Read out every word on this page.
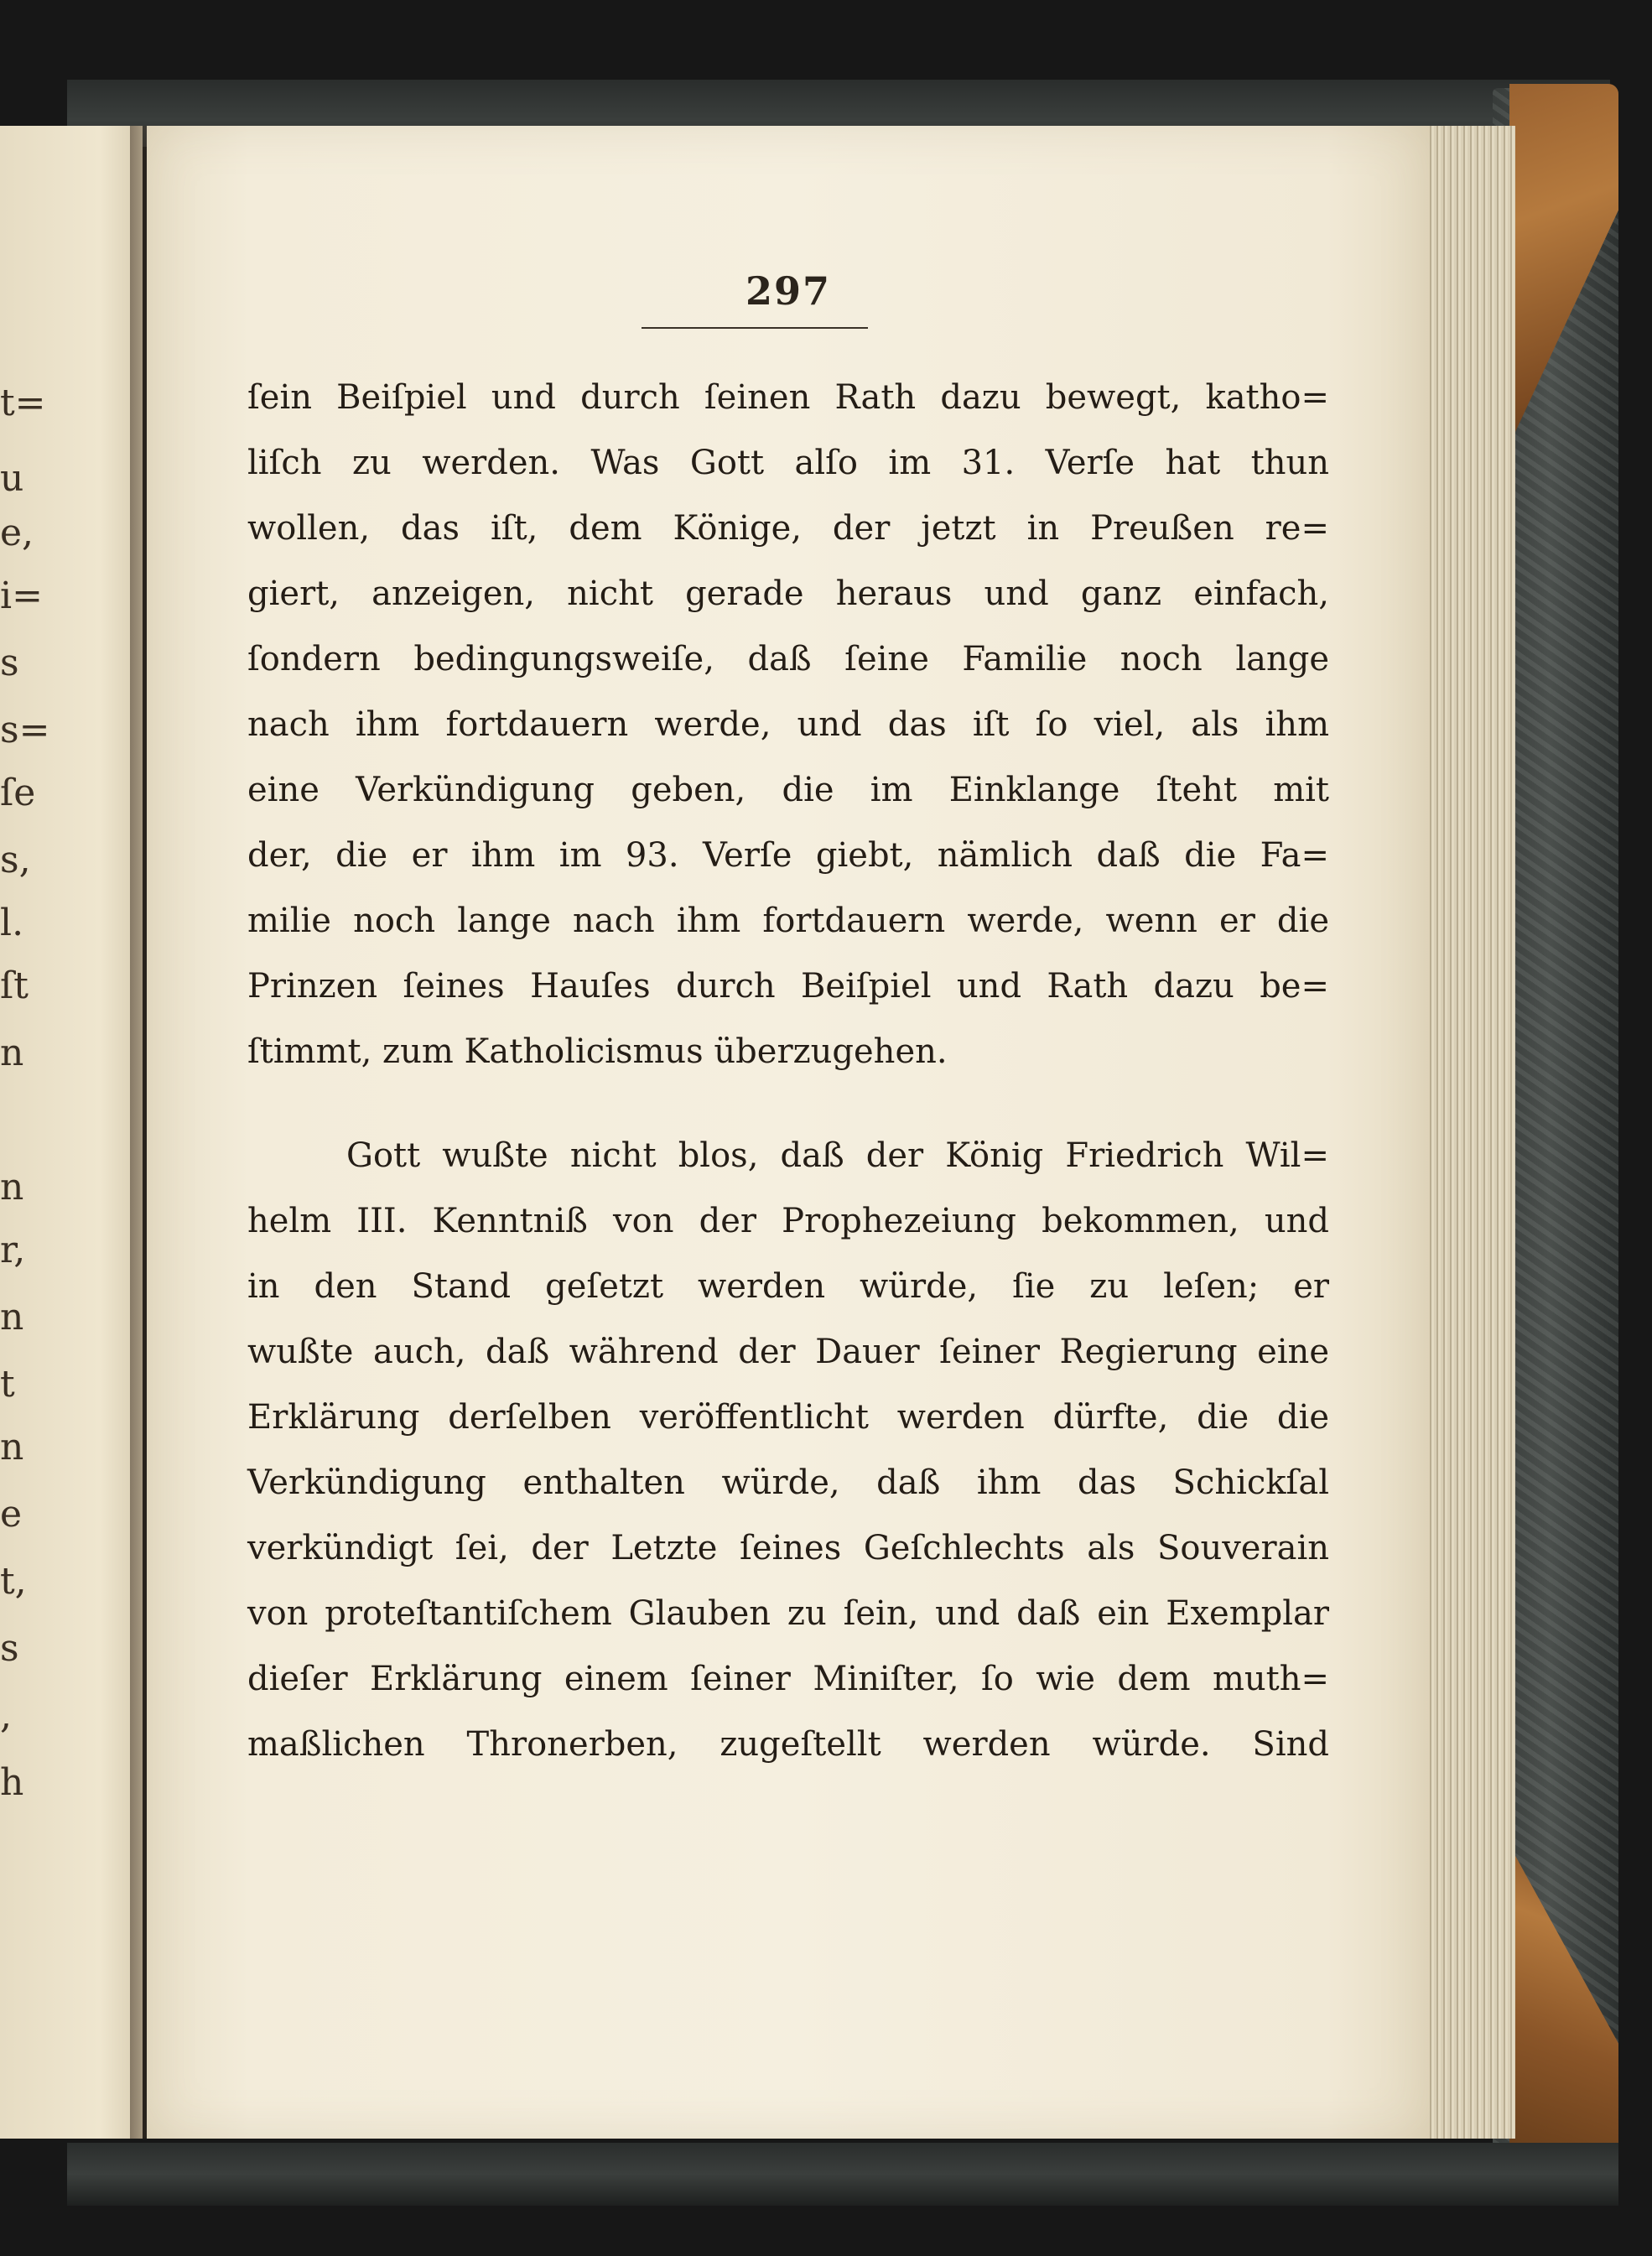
t=
u
e,
i=
s
s=
ſe
s,
l.
ſt
n
n
r,
n
t
n
e
t,
s
,
h
297
ſein Beiſpiel und durch ſeinen Rath dazu bewegt, katho=
liſch zu werden. Was Gott alſo im 31. Verſe hat thun
wollen, das iſt, dem Könige, der jetzt in Preußen re=
giert, anzeigen, nicht gerade heraus und ganz einfach,
ſondern bedingungsweiſe, daß ſeine Familie noch lange
nach ihm fortdauern werde, und das iſt ſo viel, als ihm
eine Verkündigung geben, die im Einklange ſteht mit
der, die er ihm im 93. Verſe giebt, nämlich daß die Fa=
milie noch lange nach ihm fortdauern werde, wenn er die
Prinzen ſeines Hauſes durch Beiſpiel und Rath dazu be=
ſtimmt, zum Katholicismus überzugehen.
Gott wußte nicht blos, daß der König Friedrich Wil=
helm III. Kenntniß von der Prophezeiung bekommen, und
in den Stand geſetzt werden würde, ſie zu leſen; er
wußte auch, daß während der Dauer ſeiner Regierung eine
Erklärung derſelben veröffentlicht werden dürfte, die die
Verkündigung enthalten würde, daß ihm das Schickſal
verkündigt ſei, der Letzte ſeines Geſchlechts als Souverain
von proteſtantiſchem Glauben zu ſein, und daß ein Exemplar
dieſer Erklärung einem ſeiner Miniſter, ſo wie dem muth=
maßlichen Thronerben, zugeſtellt werden würde. Sind
